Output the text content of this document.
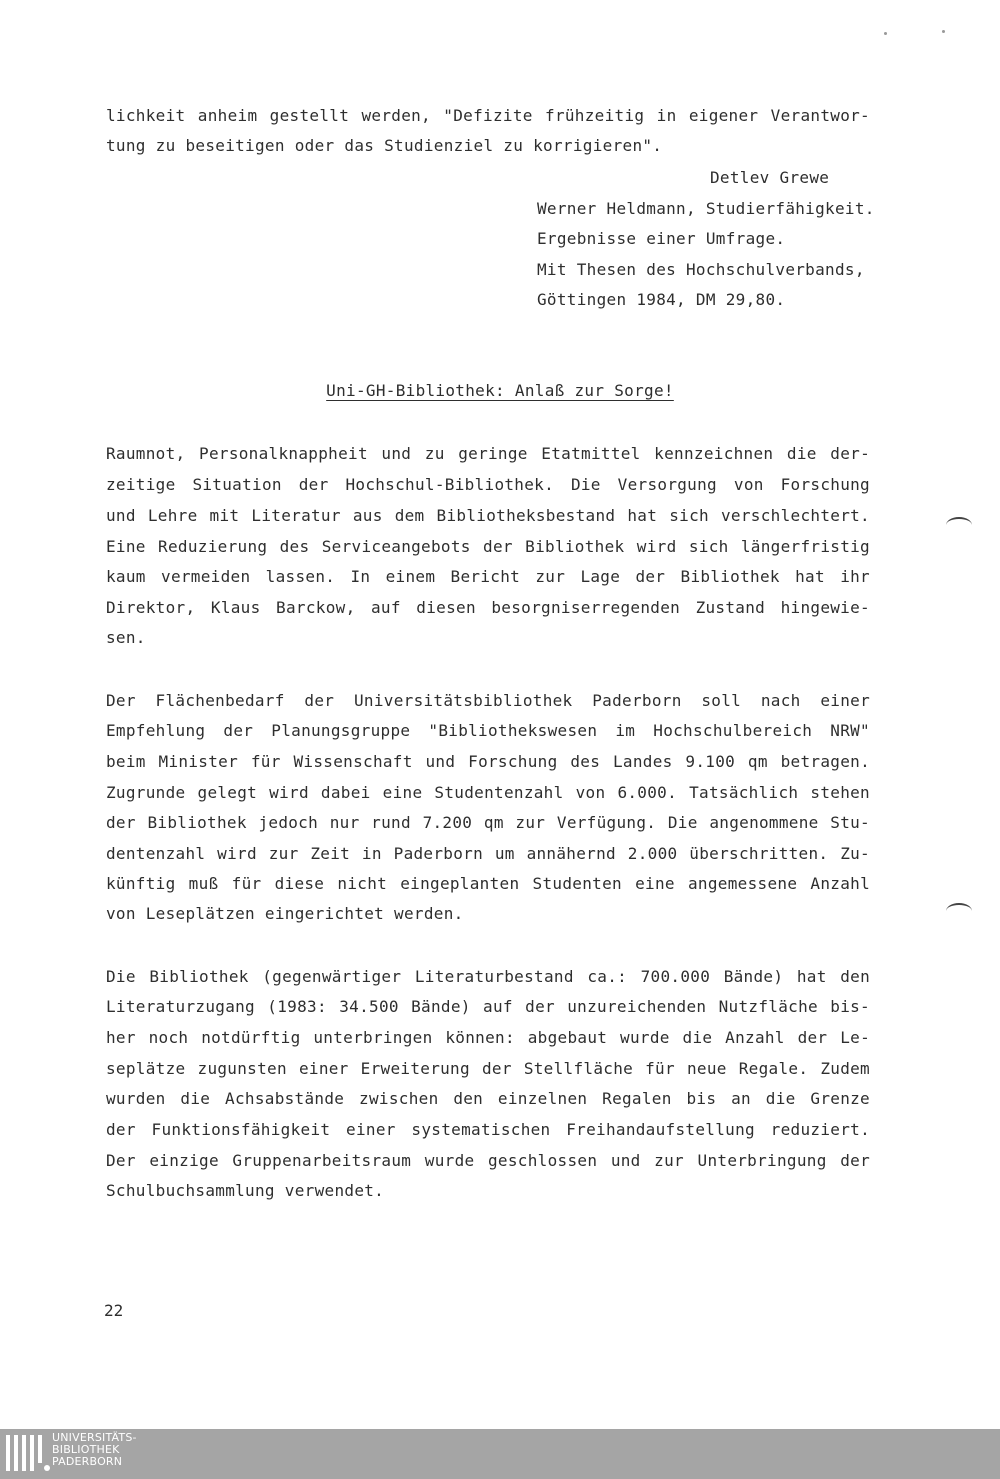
lichkeit anheim gestellt werden, "Defizite frühzeitig in eigener Verantwor-
tung zu beseitigen oder das Studienziel zu korrigieren".
Detlev Grewe
Werner Heldmann, Studierfähigkeit.
Ergebnisse einer Umfrage.
Mit Thesen des Hochschulverbands,
Göttingen 1984, DM 29,80.
Uni-GH-Bibliothek: Anlaß zur Sorge!
Raumnot, Personalknappheit und zu geringe Etatmittel kennzeichnen die der-
zeitige Situation der Hochschul-Bibliothek. Die Versorgung von Forschung
und Lehre mit Literatur aus dem Bibliotheksbestand hat sich verschlechtert.
Eine Reduzierung des Serviceangebots der Bibliothek wird sich längerfristig
kaum vermeiden lassen. In einem Bericht zur Lage der Bibliothek hat ihr
Direktor, Klaus Barckow, auf diesen besorgniserregenden Zustand hingewie-
sen.
Der Flächenbedarf der Universitätsbibliothek Paderborn soll nach einer
Empfehlung der Planungsgruppe "Bibliothekswesen im Hochschulbereich NRW"
beim Minister für Wissenschaft und Forschung des Landes 9.100 qm betragen.
Zugrunde gelegt wird dabei eine Studentenzahl von 6.000. Tatsächlich stehen
der Bibliothek jedoch nur rund 7.200 qm zur Verfügung. Die angenommene Stu-
dentenzahl wird zur Zeit in Paderborn um annähernd 2.000 überschritten. Zu-
künftig muß für diese nicht eingeplanten Studenten eine angemessene Anzahl
von Leseplätzen eingerichtet werden.
Die Bibliothek (gegenwärtiger Literaturbestand ca.: 700.000 Bände) hat den
Literaturzugang (1983: 34.500 Bände) auf der unzureichenden Nutzfläche bis-
her noch notdürftig unterbringen können: abgebaut wurde die Anzahl der Le-
seplätze zugunsten einer Erweiterung der Stellfläche für neue Regale. Zudem
wurden die Achsabstände zwischen den einzelnen Regalen bis an die Grenze
der Funktionsfähigkeit einer systematischen Freihandaufstellung reduziert.
Der einzige Gruppenarbeitsraum wurde geschlossen und zur Unterbringung der
Schulbuchsammlung verwendet.
22
UNIVERSITÄTS-
BIBLIOTHEK
PADERBORN
